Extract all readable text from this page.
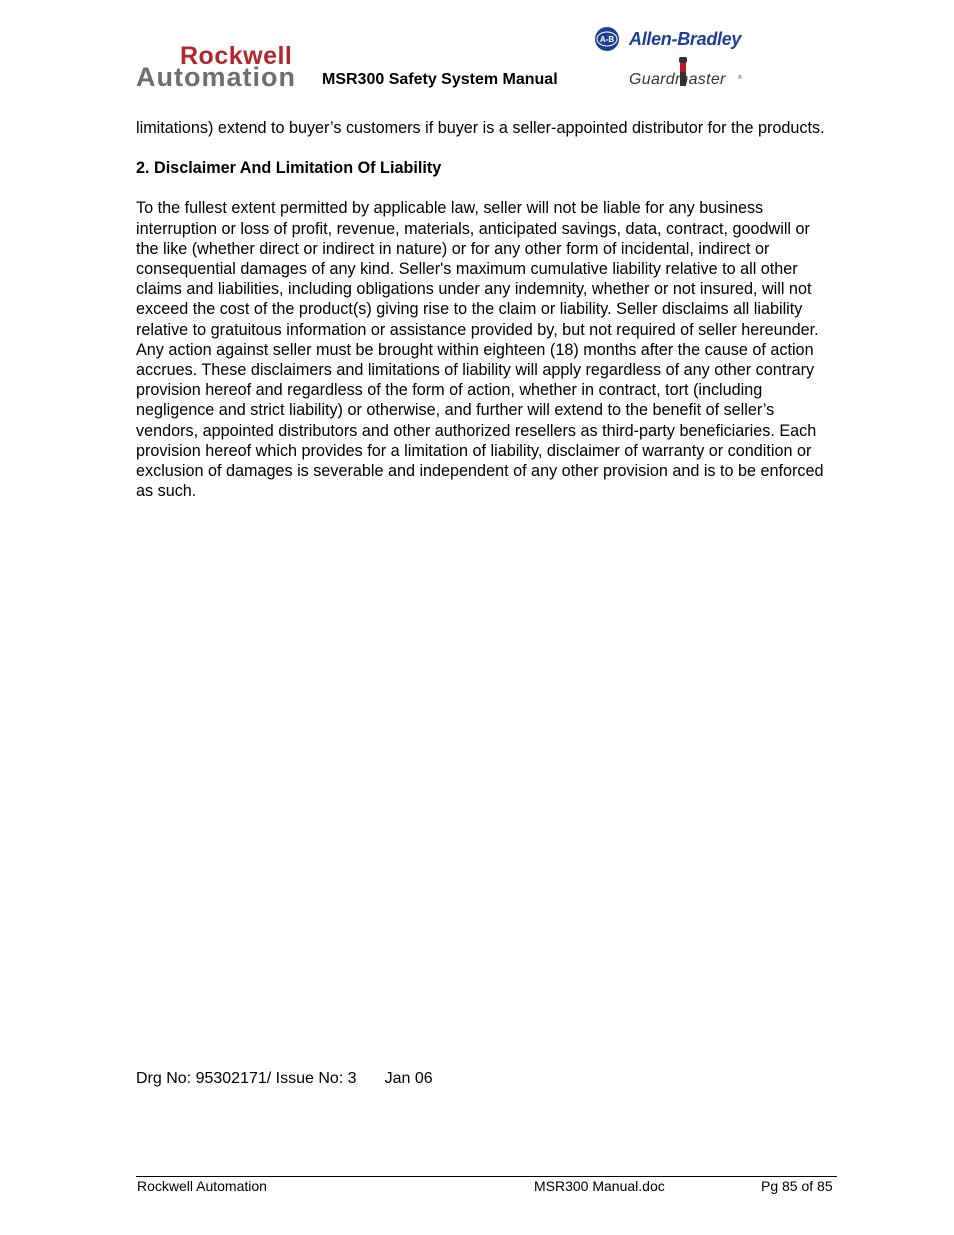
Rockwell
Automation MSR300 Safety System Manual
A-B Allen-Bradley
®
Guardmaster

limitations) extend to buyer’s customers if buyer is a seller-appointed distributor for the products.

2. Disclaimer And Limitation Of Liability

To the fullest extent permitted by applicable law, seller will not be liable for any business interruption or loss of profit, revenue, materials, anticipated savings, data, contract, goodwill or the like (whether direct or indirect in nature) or for any other form of incidental, indirect or consequential damages of any kind. Seller's maximum cumulative liability relative to all other claims and liabilities, including obligations under any indemnity, whether or not insured, will not exceed the cost of the product(s) giving rise to the claim or liability. Seller disclaims all liability relative to gratuitous information or assistance provided by, but not required of seller hereunder. Any action against seller must be brought within eighteen (18) months after the cause of action accrues. These disclaimers and limitations of liability will apply regardless of any other contrary provision hereof and regardless of the form of action, whether in contract, tort (including negligence and strict liability) or otherwise, and further will extend to the benefit of seller’s vendors, appointed distributors and other authorized resellers as third-party beneficiaries. Each provision hereof which provides for a limitation of liability, disclaimer of warranty or condition or exclusion of damages is severable and independent of any other provision and is to be enforced as such.

Drg No: 95302171/ Issue No: 3 Jan 06
Rockwell Automation	MSR300 Manual.doc	Pg 85 of 85
